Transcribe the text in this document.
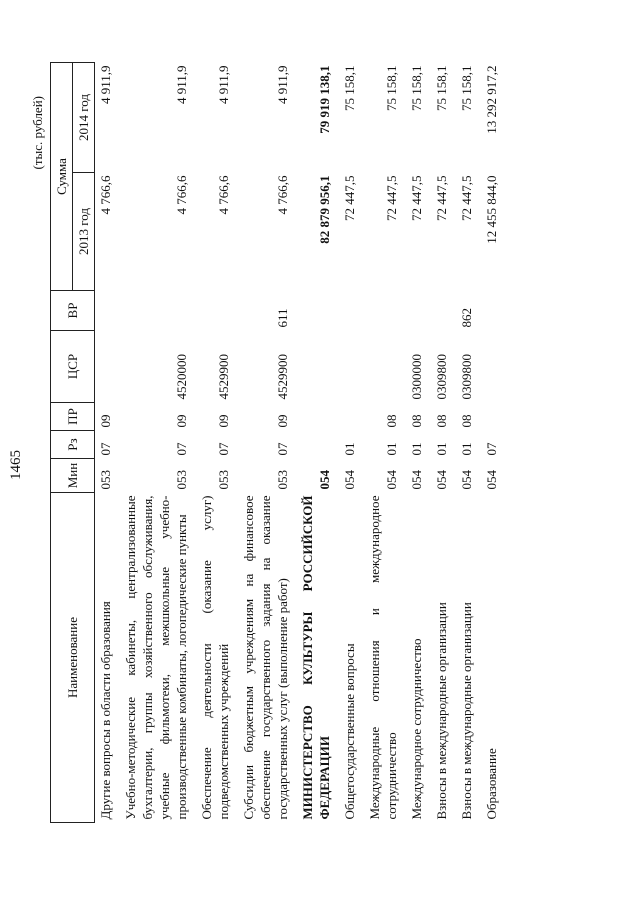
1465
(тыс. рублей)
Наименование	Мин	Рз	ПР	ЦСР	ВР	Сумма	
						2013 год	2014 год
Другие вопросы в области образования	053	07	09			4 766,6	4 911,9
Учебно-методические кабинеты, централизованные бухгалтерии, группы хозяйственного обслуживания, учебные фильмотеки, межшкольные учебно-производственные комбинаты, логопедические пункты	053	07	09	4520000		4 766,6	4 911,9
Обеспечение деятельности (оказание услуг) подведомственных учреждений	053	07	09	4529900		4 766,6	4 911,9
Субсидии бюджетным учреждениям на финансовое обеспечение государственного задания на оказание государственных услуг (выполнение работ)	053	07	09	4529900	611	4 766,6	4 911,9
МИНИСТЕРСТВО КУЛЬТУРЫ РОССИЙСКОЙ ФЕДЕРАЦИИ	054					82 879 956,1	79 919 138,1
Общегосударственные вопросы	054	01				72 447,5	75 158,1
Международные отношения и международное сотрудничество	054	01	08			72 447,5	75 158,1
Международное сотрудничество	054	01	08	0300000		72 447,5	75 158,1
Взносы в международные организации	054	01	08	0309800		72 447,5	75 158,1
Взносы в международные организации	054	01	08	0309800	862	72 447,5	75 158,1
Образование	054	07				12 455 844,0	13 292 917,2
